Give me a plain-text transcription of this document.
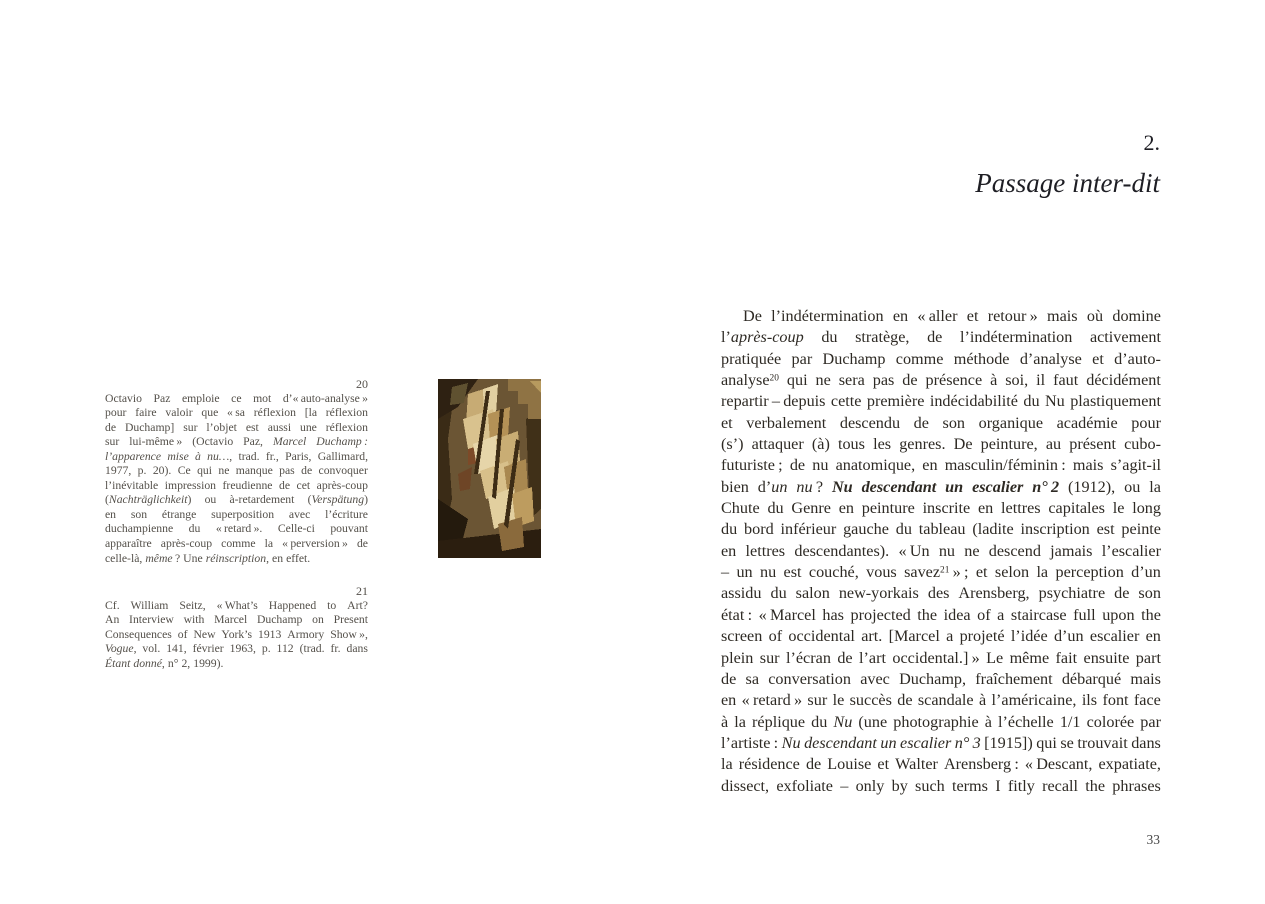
20
Octavio Paz emploie ce mot d’« auto-analyse »
pour faire valoir que « sa réflexion [la réflexion
de Duchamp] sur l’objet est aussi une réflexion
sur lui-même » (Octavio Paz, Marcel Duchamp :
l’apparence mise à nu…, trad. fr., Paris, Gallimard,
1977, p. 20). Ce qui ne manque pas de convoquer
l’inévitable impression freudienne de cet après-coup
(Nachträglichkeit) ou à-retardement (Verspätung)
en son étrange superposition avec l’écriture
duchampienne du « retard ». Celle-ci pouvant
apparaître après-coup comme la « perversion » de
celle-là, même ? Une réinscription, en effet.
21
Cf. William Seitz, « What’s Happened to Art?
An Interview with Marcel Duchamp on Present
Consequences of New York’s 1913 Armory Show »,
Vogue, vol. 141, février 1963, p. 112 (trad. fr. dans
Étant donné, n° 2, 1999).
2.
Passage inter-dit
De l’indétermination en « aller et retour » mais où domine
l’après-coup du stratège, de l’indétermination activement
pratiquée par Duchamp comme méthode d’analyse et d’auto-
analyse$^{20}$ qui ne sera pas de présence à soi, il faut décidément
repartir – depuis cette première indécidabilité du Nu plastiquement
et verbalement descendu de son organique académie pour
(s’) attaquer (à) tous les genres. De peinture, au présent cubo-
futuriste ; de nu anatomique, en masculin/féminin : mais s’agit-il
bien d’un nu ? Nu descendant un escalier n° 2 (1912), ou la
Chute du Genre en peinture inscrite en lettres capitales le long
du bord inférieur gauche du tableau (ladite inscription est peinte
en lettres descendantes). « Un nu ne descend jamais l’escalier
– un nu est couché, vous savez$^{21}$ » ; et selon la perception d’un
assidu du salon new-yorkais des Arensberg, psychiatre de son
état : « Marcel has projected the idea of a staircase full upon the
screen of occidental art. [Marcel a projeté l’idée d’un escalier en
plein sur l’écran de l’art occidental.] » Le même fait ensuite part
de sa conversation avec Duchamp, fraîchement débarqué mais
en « retard » sur le succès de scandale à l’américaine, ils font face
à la réplique du Nu (une photographie à l’échelle 1/1 colorée par
l’artiste : Nu descendant un escalier n° 3 [1915]) qui se trouvait dans
la résidence de Louise et Walter Arensberg : « Descant, expatiate,
dissect, exfoliate – only by such terms I fitly recall the phrases
33
